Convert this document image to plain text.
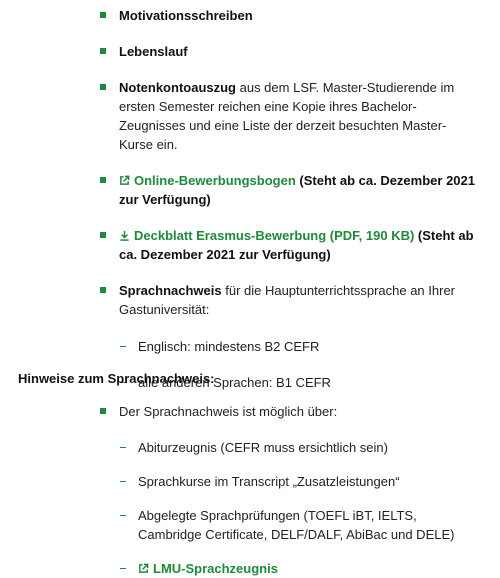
Motivationsschreiben
Lebenslauf
Notenkontoauszug aus dem LSF. Master-Studierende im ersten Semester reichen eine Kopie ihres Bachelor-Zeugnisses und eine Liste der derzeit besuchten Master-Kurse ein.
Online-Bewerbungsbogen (Steht ab ca. Dezember 2021 zur Verfügung)
Deckblatt Erasmus-Bewerbung (PDF, 190 KB) (Steht ab ca. Dezember 2021 zur Verfügung)
Sprachnachweis für die Hauptunterrichtssprache an Ihrer Gastuniversität:
Englisch: mindestens B2 CEFR
alle anderen Sprachen: B1 CEFR
Hinweise zum Sprachnachweis:
Der Sprachnachweis ist möglich über:
Abiturzeugnis (CEFR muss ersichtlich sein)
Sprachkurse im Transcript „Zusatzleistungen“
Abgelegte Sprachprüfungen (TOEFL iBT, IELTS, Cambridge Certificate, DELF/DALF, AbiBac und DELE)
LMU-Sprachzeugnis
